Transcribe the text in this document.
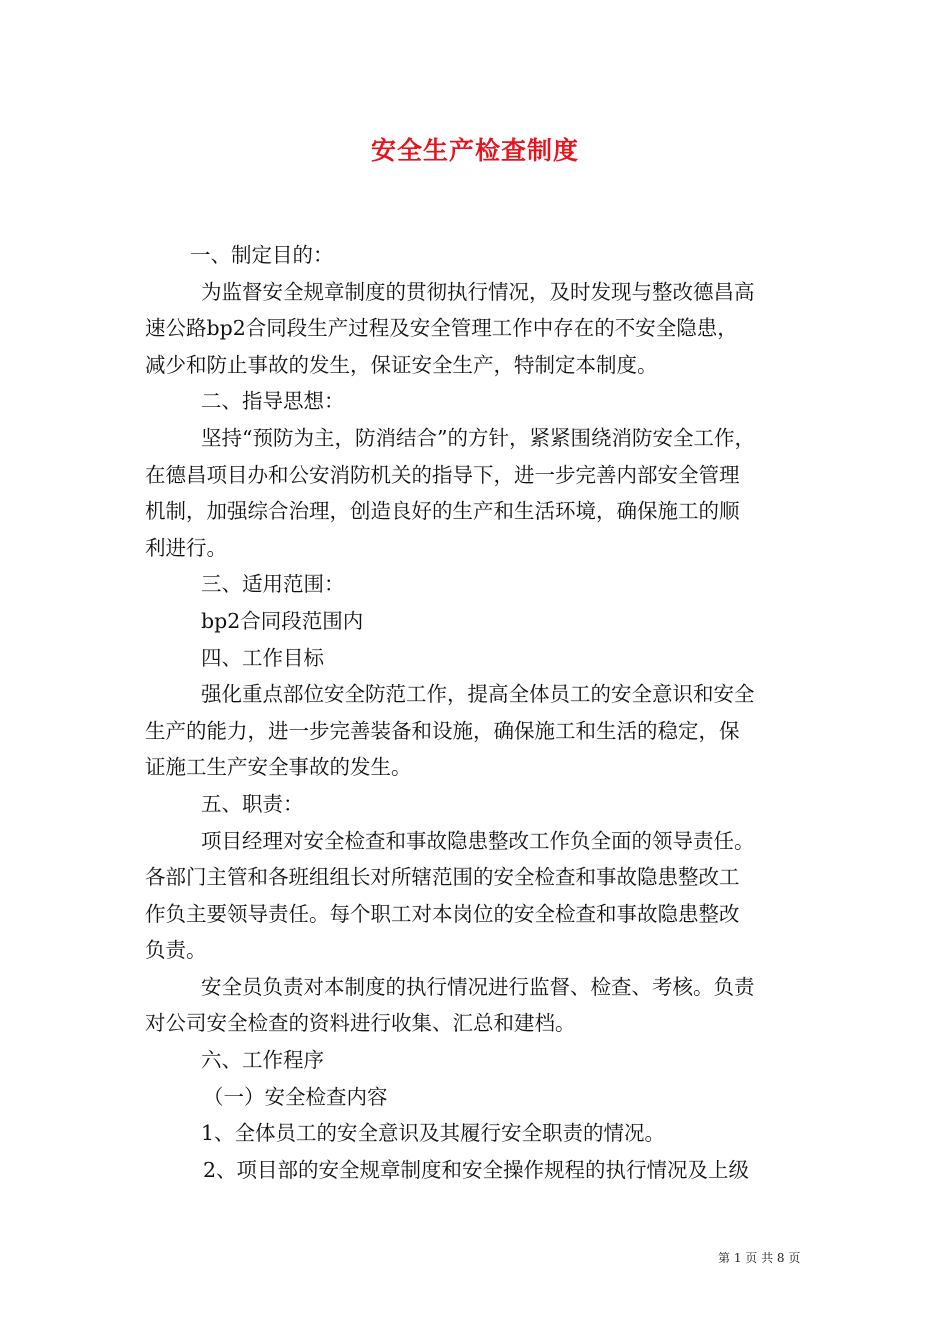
安全生产检查制度
一、制定目的：
为监督安全规章制度的贯彻执行情况，及时发现与整改德昌高
速公路bp2合同段生产过程及安全管理工作中存在的不安全隐患，
减少和防止事故的发生，保证安全生产，特制定本制度。
二、指导思想：
坚持“预防为主，防消结合”的方针，紧紧围绕消防安全工作，
在德昌项目办和公安消防机关的指导下，进一步完善内部安全管理
机制，加强综合治理，创造良好的生产和生活环境，确保施工的顺
利进行。
三、适用范围：
bp2合同段范围内
四、工作目标
强化重点部位安全防范工作，提高全体员工的安全意识和安全
生产的能力，进一步完善装备和设施，确保施工和生活的稳定，保
证施工生产安全事故的发生。
五、职责：
项目经理对安全检查和事故隐患整改工作负全面的领导责任。
各部门主管和各班组组长对所辖范围的安全检查和事故隐患整改工
作负主要领导责任。每个职工对本岗位的安全检查和事故隐患整改
负责。
安全员负责对本制度的执行情况进行监督、检查、考核。负责
对公司安全检查的资料进行收集、汇总和建档。
六、工作程序
（一）安全检查内容
1、全体员工的安全意识及其履行安全职责的情况。
2、项目部的安全规章制度和安全操作规程的执行情况及上级
第 1 页 共 8 页
